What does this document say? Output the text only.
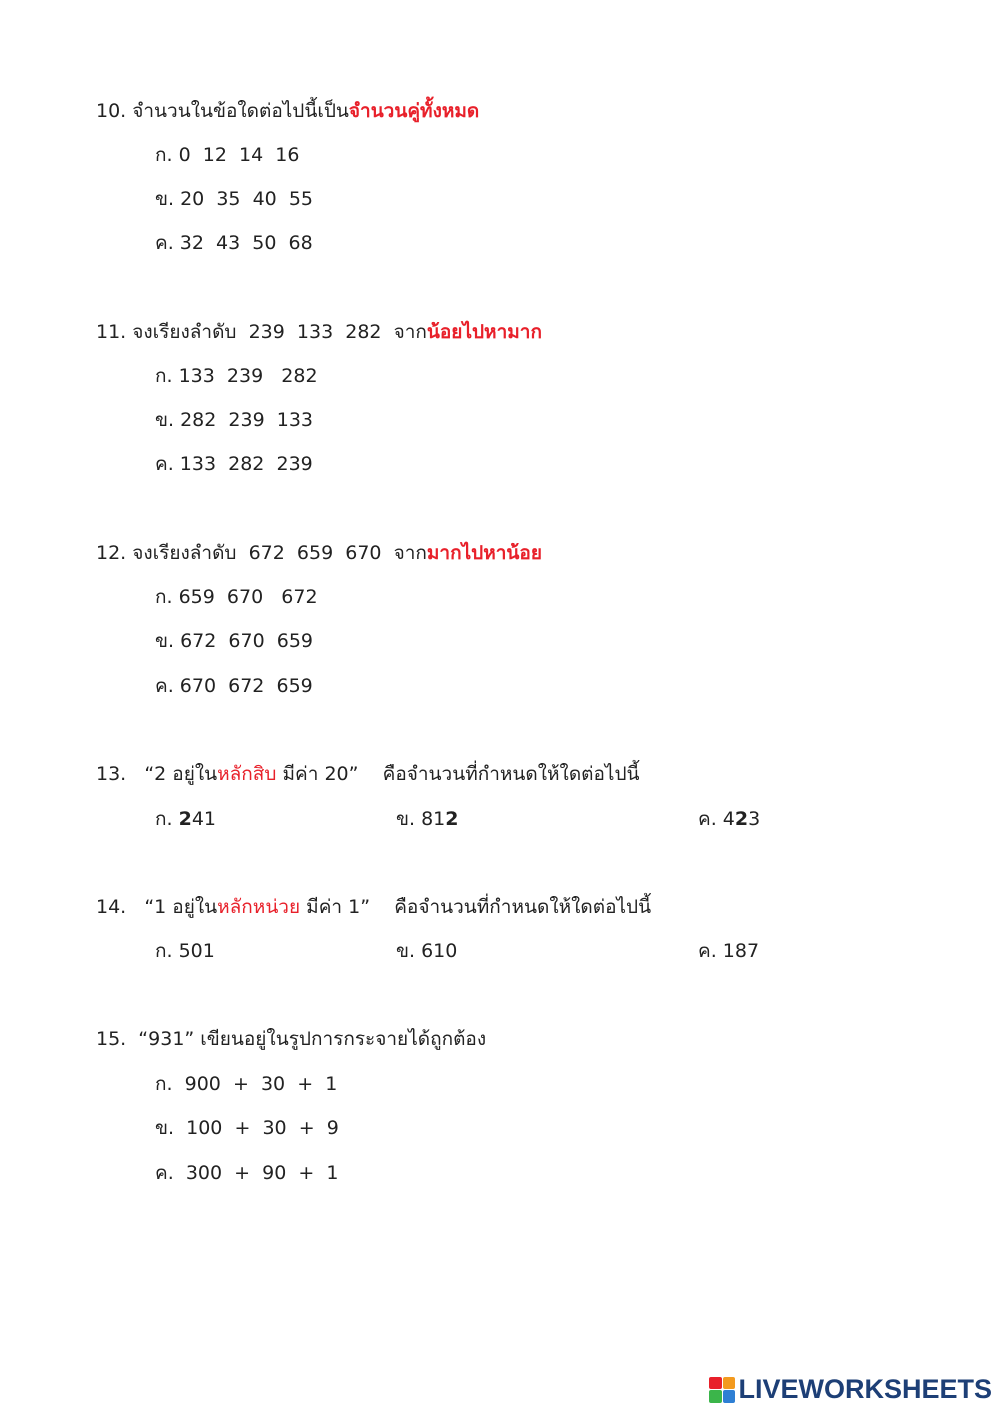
10. จำนวนในข้อใดต่อไปนี้เป็นจำนวนคู่ทั้งหมด
ก. 0  12  14  16
ข. 20  35  40  55
ค. 32  43  50  68
11. จงเรียงลำดับ  239  133  282  จากน้อยไปหามาก
ก. 133  239   282
ข. 282  239  133
ค. 133  282  239
12. จงเรียงลำดับ  672  659  670  จากมากไปหาน้อย
ก. 659  670   672
ข. 672  670  659
ค. 670  672  659
13.   “2 อยู่ในหลักสิบ มีค่า 20”    คือจำนวนที่กำหนดให้ใดต่อไปนี้
ก. 241	ข. 812	ค. 423
14.   “1 อยู่ในหลักหน่วย มีค่า 1”    คือจำนวนที่กำหนดให้ใดต่อไปนี้
ก. 501	ข. 610	ค. 187
15.  “931” เขียนอยู่ในรูปการกระจายได้ถูกต้อง
ก.  900  +  30  +  1
ข.  100  +  30  +  9
ค.  300  +  90  +  1
LIVEWORKSHEETS
